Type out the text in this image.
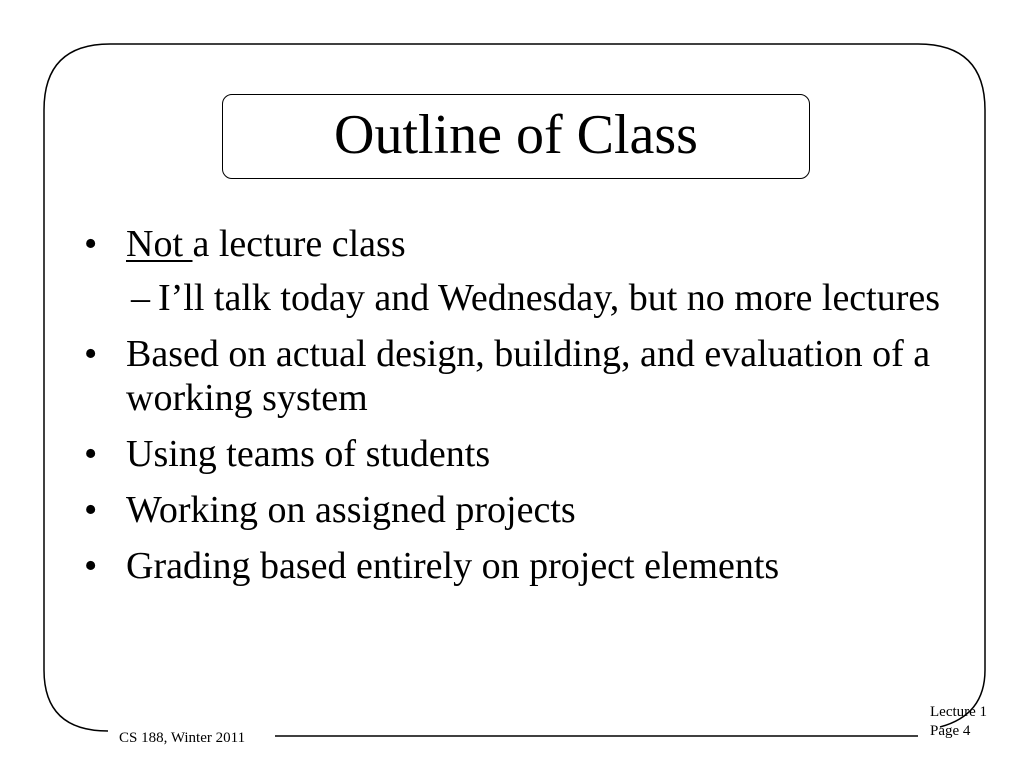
Outline of Class
• Not a lecture class
– I’ll talk today and Wednesday, but no more lectures
• Based on actual design, building, and evaluation of a working system
• Using teams of students
• Working on assigned projects
• Grading based entirely on project elements
CS 188, Winter 2011
Lecture 1
Page 4
